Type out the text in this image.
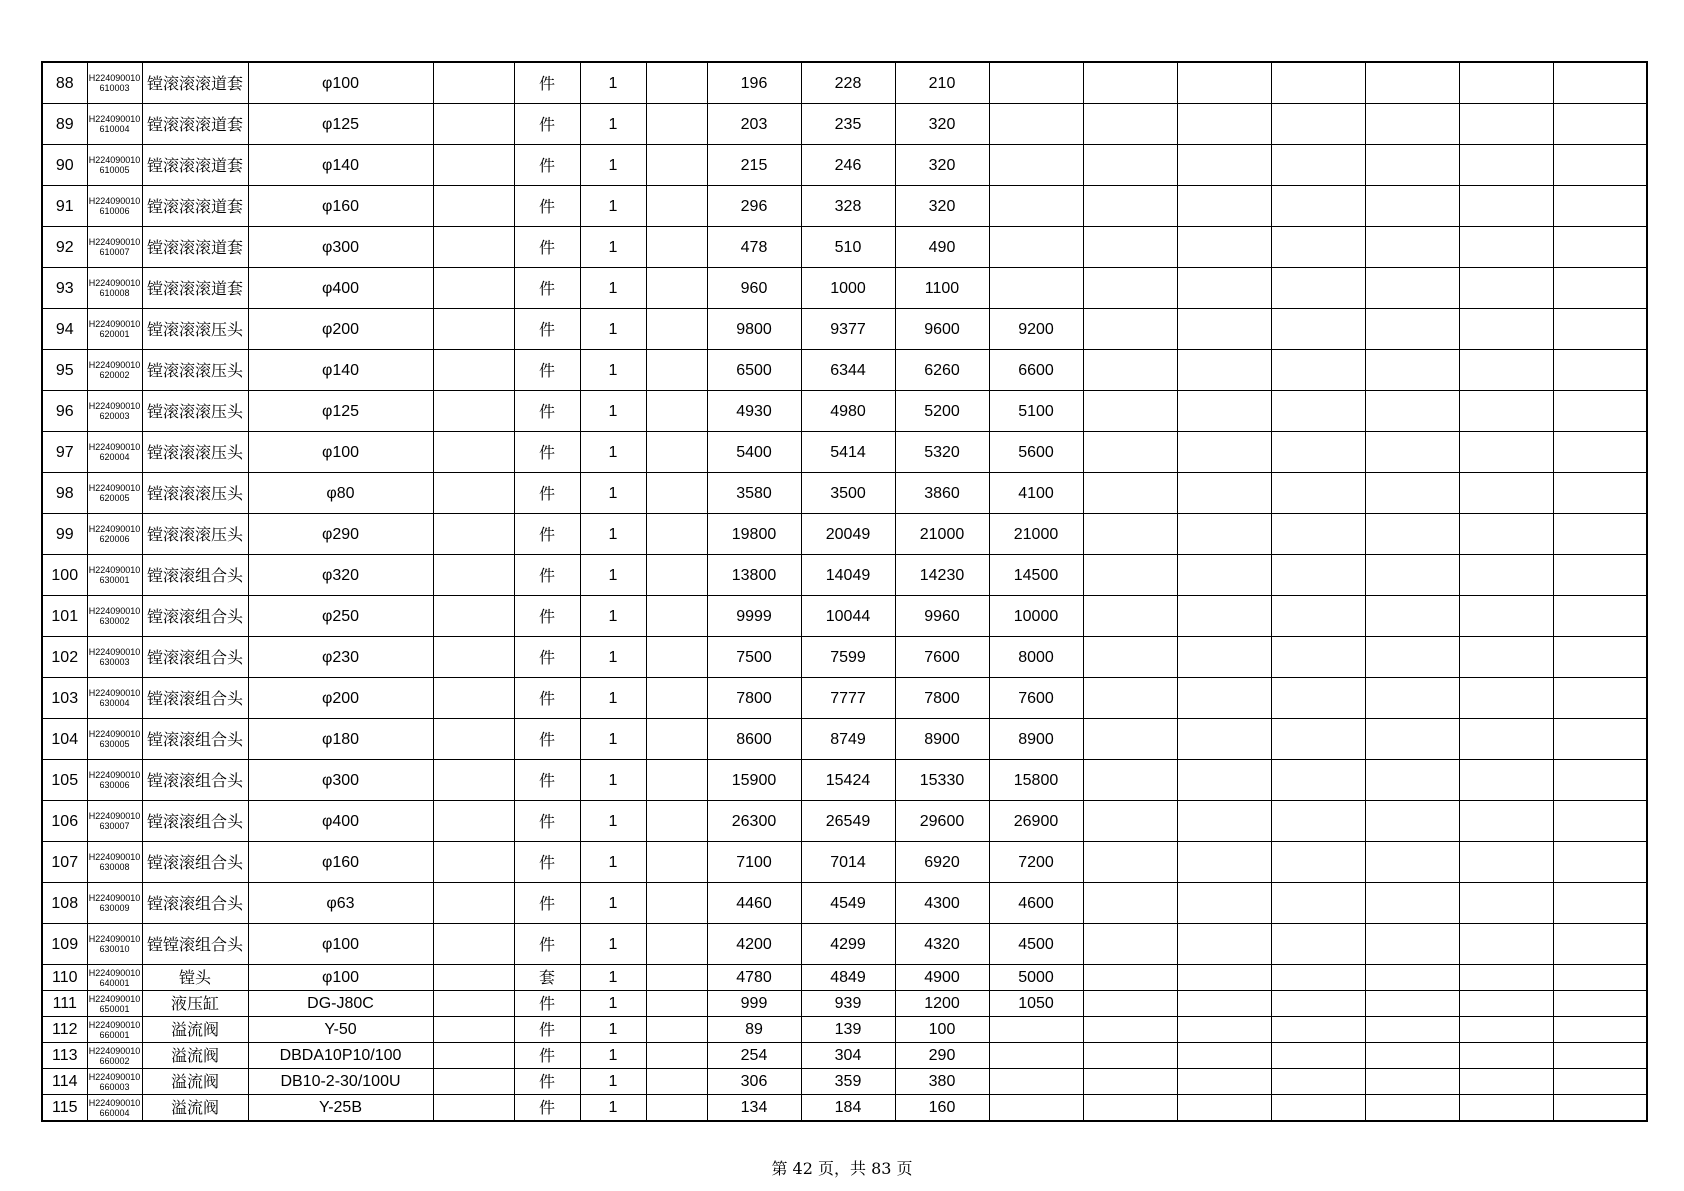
88	H224090010610003	镗滚滚滚道套	φ100		件	1		196	228	210							
89	H224090010610004	镗滚滚滚道套	φ125		件	1		203	235	320							
90	H224090010610005	镗滚滚滚道套	φ140		件	1		215	246	320							
91	H224090010610006	镗滚滚滚道套	φ160		件	1		296	328	320							
92	H224090010610007	镗滚滚滚道套	φ300		件	1		478	510	490							
93	H224090010610008	镗滚滚滚道套	φ400		件	1		960	1000	1100							
94	H224090010620001	镗滚滚滚压头	φ200		件	1		9800	9377	9600	9200						
95	H224090010620002	镗滚滚滚压头	φ140		件	1		6500	6344	6260	6600						
96	H224090010620003	镗滚滚滚压头	φ125		件	1		4930	4980	5200	5100						
97	H224090010620004	镗滚滚滚压头	φ100		件	1		5400	5414	5320	5600						
98	H224090010620005	镗滚滚滚压头	φ80		件	1		3580	3500	3860	4100						
99	H224090010620006	镗滚滚滚压头	φ290		件	1		19800	20049	21000	21000						
100	H224090010630001	镗滚滚组合头	φ320		件	1		13800	14049	14230	14500						
101	H224090010630002	镗滚滚组合头	φ250		件	1		9999	10044	9960	10000						
102	H224090010630003	镗滚滚组合头	φ230		件	1		7500	7599	7600	8000						
103	H224090010630004	镗滚滚组合头	φ200		件	1		7800	7777	7800	7600						
104	H224090010630005	镗滚滚组合头	φ180		件	1		8600	8749	8900	8900						
105	H224090010630006	镗滚滚组合头	φ300		件	1		15900	15424	15330	15800						
106	H224090010630007	镗滚滚组合头	φ400		件	1		26300	26549	29600	26900						
107	H224090010630008	镗滚滚组合头	φ160		件	1		7100	7014	6920	7200						
108	H224090010630009	镗滚滚组合头	φ63		件	1		4460	4549	4300	4600						
109	H224090010630010	镗镗滚组合头	φ100		件	1		4200	4299	4320	4500						
110	H224090010640001	镗头	φ100		套	1		4780	4849	4900	5000						
111	H224090010650001	液压缸	DG-J80C		件	1		999	939	1200	1050						
112	H224090010660001	溢流阀	Y-50		件	1		89	139	100							
113	H224090010660002	溢流阀	DBDA10P10/100		件	1		254	304	290							
114	H224090010660003	溢流阀	DB10-2-30/100U		件	1		306	359	380							
115	H224090010660004	溢流阀	Y-25B		件	1		134	184	160							
第 42 页，共 83 页
